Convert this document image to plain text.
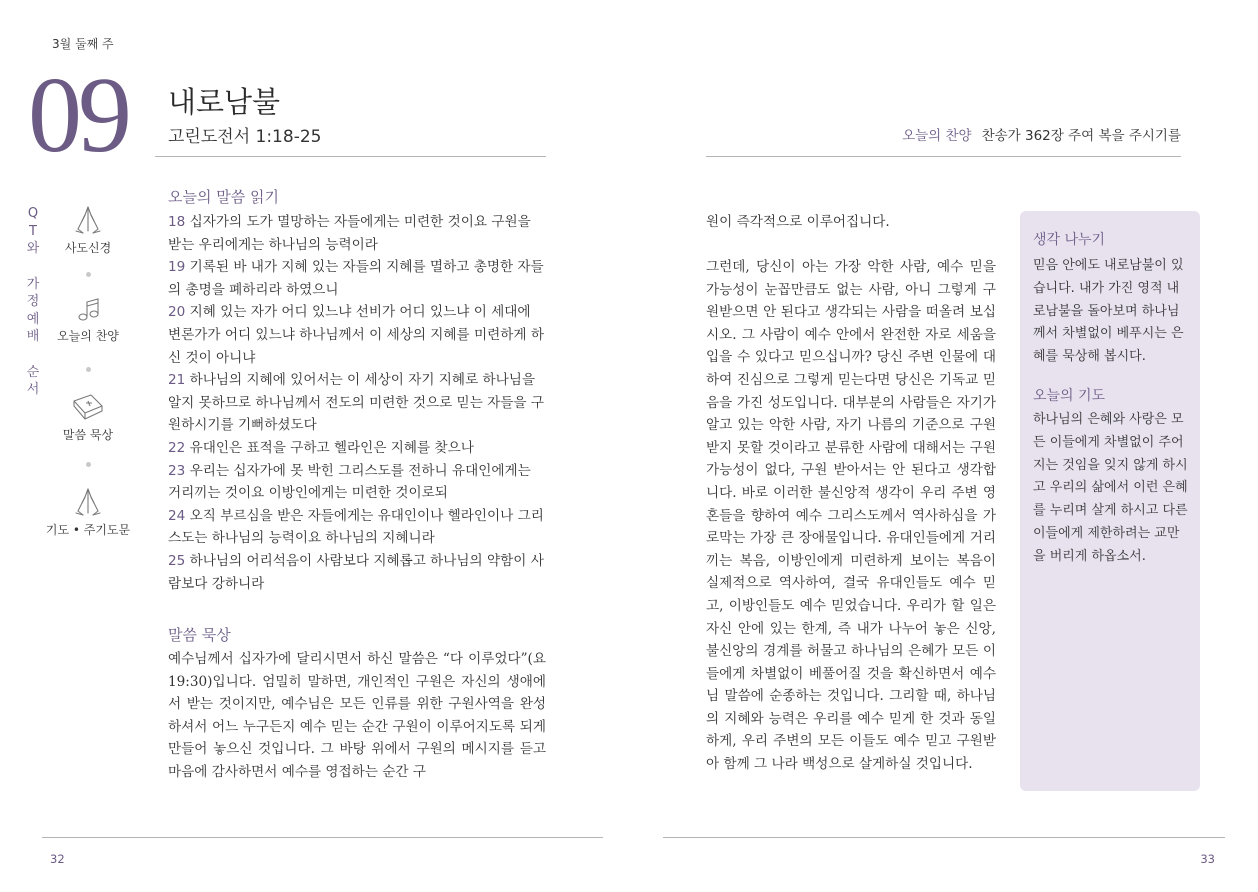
3월 둘째 주
09 내로남불
고린도전서 1:18-25	오늘의 찬양 찬송가 362장 주여 복을 주시기를
Q
T
와
가
정
예
배
순
서
사도신경
오늘의 찬양
말씀 묵상
기도 • 주기도문
오늘의 말씀 읽기

18 십자가의 도가 멸망하는 자들에게는 미련한 것이요 구원을 받는 우리에게는 하나님의 능력이라

19 기록된 바 내가 지혜 있는 자들의 지혜를 멸하고 총명한 자들의 총명을 폐하리라 하였으니

20 지혜 있는 자가 어디 있느냐 선비가 어디 있느냐 이 세대에 변론가가 어디 있느냐 하나님께서 이 세상의 지혜를 미련하게 하신 것이 아니냐

21 하나님의 지혜에 있어서는 이 세상이 자기 지혜로 하나님을 알지 못하므로 하나님께서 전도의 미련한 것으로 믿는 자들을 구원하시기를 기뻐하셨도다

22 유대인은 표적을 구하고 헬라인은 지혜를 찾으나

23 우리는 십자가에 못 박힌 그리스도를 전하니 유대인에게는 거리끼는 것이요 이방인에게는 미련한 것이로되

24 오직 부르심을 받은 자들에게는 유대인이나 헬라인이나 그리스도는 하나님의 능력이요 하나님의 지혜니라

25 하나님의 어리석음이 사람보다 지혜롭고 하나님의 약함이 사람보다 강하니라

말씀 묵상

예수님께서 십자가에 달리시면서 하신 말씀은 “다 이루었다”(요 19:30)입니다. 엄밀히 말하면, 개인적인 구원은 자신의 생애에서 받는 것이지만, 예수님은 모든 인류를 위한 구원사역을 완성하셔서 어느 누구든지 예수 믿는 순간 구원이 이루어지도록 되게 만들어 놓으신 것입니다. 그 바탕 위에서 구원의 메시지를 듣고 마음에 감사하면서 예수를 영접하는 순간 구

원이 즉각적으로 이루어집니다.

그런데, 당신이 아는 가장 악한 사람, 예수 믿을 가능성이 눈꼽만큼도 없는 사람, 아니 그렇게 구원받으면 안 된다고 생각되는 사람을 떠올려 보십시오. 그 사람이 예수 안에서 완전한 자로 세움을 입을 수 있다고 믿으십니까? 당신 주변 인물에 대하여 진심으로 그렇게 믿는다면 당신은 기독교 믿음을 가진 성도입니다. 대부분의 사람들은 자기가 알고 있는 악한 사람, 자기 나름의 기준으로 구원받지 못할 것이라고 분류한 사람에 대해서는 구원 가능성이 없다, 구원 받아서는 안 된다고 생각합니다. 바로 이러한 불신앙적 생각이 우리 주변 영혼들을 향하여 예수 그리스도께서 역사하심을 가로막는 가장 큰 장애물입니다. 유대인들에게 거리끼는 복음, 이방인에게 미련하게 보이는 복음이 실제적으로 역사하여, 결국 유대인들도 예수 믿고, 이방인들도 예수 믿었습니다. 우리가 할 일은 자신 안에 있는 한계, 즉 내가 나누어 놓은 신앙, 불신앙의 경계를 허물고 하나님의 은혜가 모든 이들에게 차별없이 베풀어질 것을 확신하면서 예수님 말씀에 순종하는 것입니다. 그리할 때, 하나님의 지혜와 능력은 우리를 예수 믿게 한 것과 동일하게, 우리 주변의 모든 이들도 예수 믿고 구원받아 함께 그 나라 백성으로 살게하실 것입니다.

생각 나누기

믿음 안에도 내로남불이 있습니다. 내가 가진 영적 내로남불을 돌아보며 하나님께서 차별없이 베푸시는 은혜를 묵상해 봅시다.

오늘의 기도

하나님의 은혜와 사랑은 모든 이들에게 차별없이 주어지는 것임을 잊지 않게 하시고 우리의 삶에서 이런 은혜를 누리며 살게 하시고 다른 이들에게 제한하려는 교만을 버리게 하옵소서.

32	33
